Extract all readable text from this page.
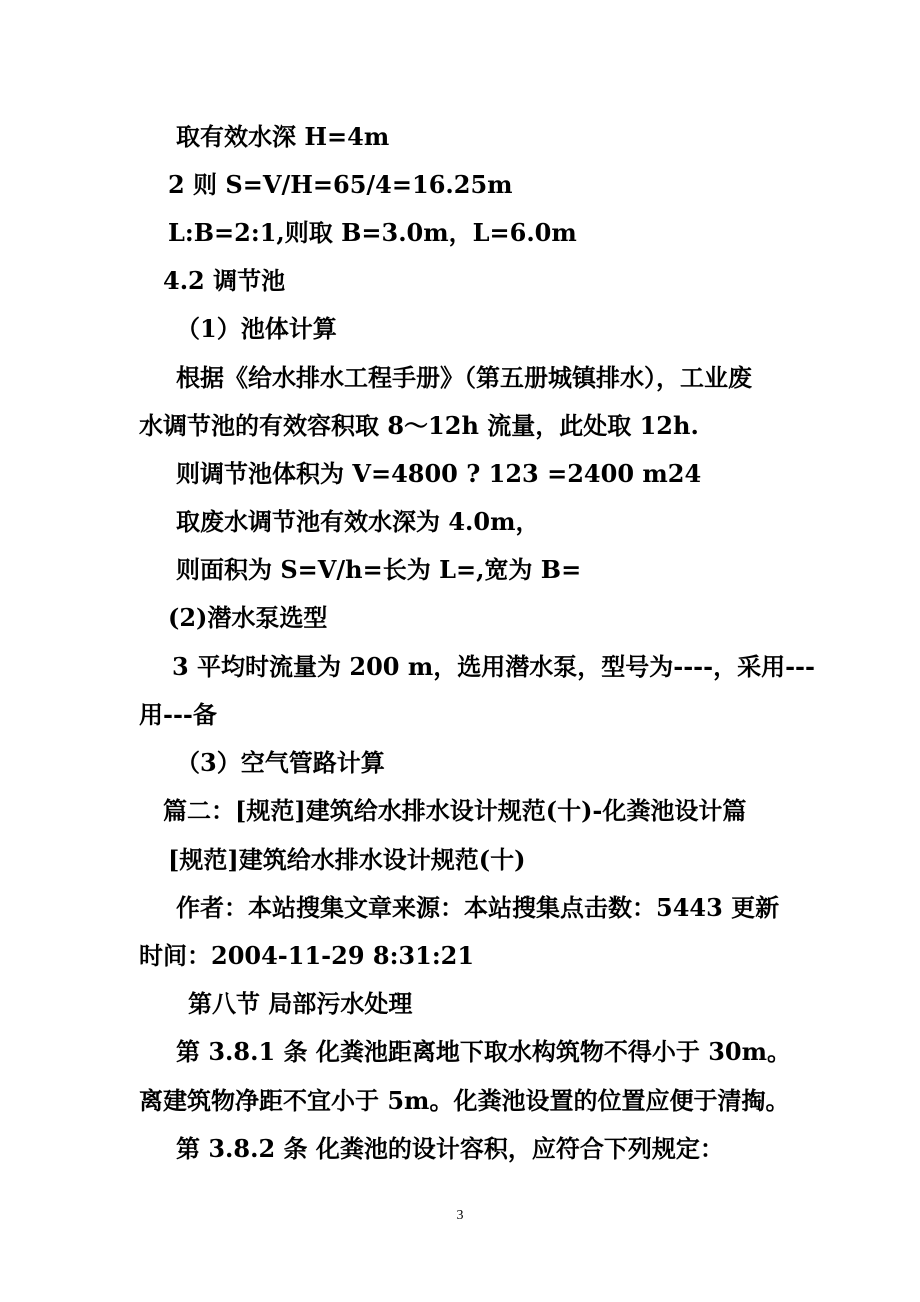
取有效水深 H=4m
2 则 S=V/H=65/4=16.25m
L:B=2:1,则取 B=3.0m，L=6.0m
4.2 调节池
（1）池体计算
根据《给水排水工程手册》（第五册城镇排水），工业废
水调节池的有效容积取 8～12h 流量，此处取 12h.
则调节池体积为 V=4800 ? 123 =2400 m24
取废水调节池有效水深为 4.0m，
则面积为 S=V/h=长为 L=,宽为 B=
(2)潜水泵选型
3 平均时流量为 200 m，选用潜水泵，型号为----，采用---
用---备
（3）空气管路计算
篇二：[规范]建筑给水排水设计规范(十)-化粪池设计篇
[规范]建筑给水排水设计规范(十)
作者：本站搜集文章来源：本站搜集点击数：5443 更新
时间：2004-11-29 8:31:21
第八节 局部污水处理
第 3.8.1 条 化粪池距离地下取水构筑物不得小于 30m。
离建筑物净距不宜小于 5m。化粪池设置的位置应便于清掏。
第 3.8.2 条 化粪池的设计容积，应符合下列规定：
3
